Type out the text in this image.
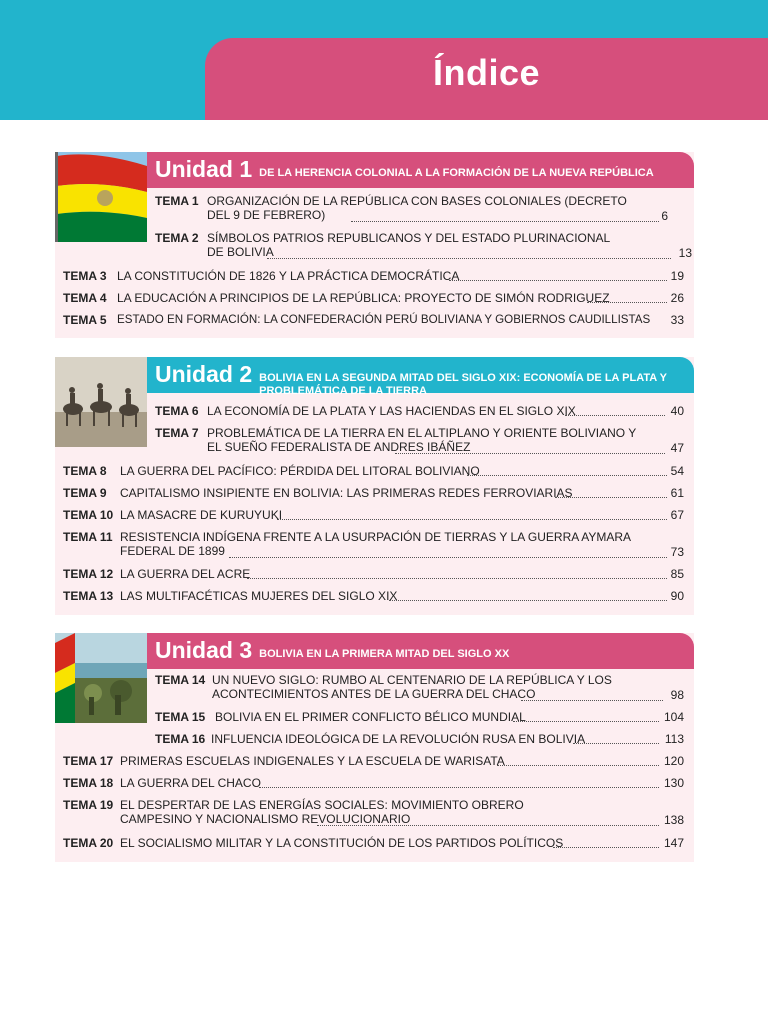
Índice
Unidad 1 DE LA HERENCIA COLONIAL A LA FORMACIÓN DE LA NUEVA REPÚBLICA
TEMA 1 ORGANIZACIÓN DE LA REPÚBLICA CON BASES COLONIALES (DECRETO DEL 9 DE FEBRERO)	6
TEMA 2 SÍMBOLOS PATRIOS REPUBLICANOS Y DEL ESTADO PLURINACIONAL DE BOLIVIA	13
TEMA 3 LA CONSTITUCIÓN DE 1826 Y LA PRÁCTICA DEMOCRÁTICA	19
TEMA 4 LA EDUCACIÓN A PRINCIPIOS DE LA REPÚBLICA: PROYECTO DE SIMÓN RODRIGUEZ	26
TEMA 5 ESTADO EN FORMACIÓN: LA CONFEDERACIÓN PERÚ BOLIVIANA Y GOBIERNOS CAUDILLISTAS 33
Unidad 2 BOLIVIA EN LA SEGUNDA MITAD DEL SIGLO XIX: ECONOMÍA DE LA PLATA Y PROBLEMÁTICA DE LA TIERRA
TEMA 6 LA ECONOMÍA DE LA PLATA Y LAS HACIENDAS EN EL SIGLO XIX	40
TEMA 7 PROBLEMÁTICA DE LA TIERRA EN EL ALTIPLANO Y ORIENTE BOLIVIANO Y EL SUEÑO FEDERALISTA DE ANDRES IBÁÑEZ	47
TEMA 8 LA GUERRA DEL PACÍFICO: PÉRDIDA DEL LITORAL BOLIVIANO	54
TEMA 9 CAPITALISMO INSIPIENTE EN BOLIVIA: LAS PRIMERAS REDES FERROVIARIAS	61
TEMA 10 LA MASACRE DE KURUYUKI	67
TEMA 11 RESISTENCIA INDÍGENA FRENTE A LA USURPACIÓN DE TIERRAS Y LA GUERRA AYMARA FEDERAL DE 1899	73
TEMA 12 LA GUERRA DEL ACRE	85
TEMA 13 LAS MULTIFACÉTICAS MUJERES DEL SIGLO XIX	90
Unidad 3 BOLIVIA EN LA PRIMERA MITAD DEL SIGLO XX
TEMA 14 UN NUEVO SIGLO: RUMBO AL CENTENARIO DE LA REPÚBLICA Y LOS ACONTECIMIENTOS ANTES DE LA GUERRA DEL CHACO	98
TEMA 15 BOLIVIA EN EL PRIMER CONFLICTO BÉLICO MUNDIAL	104
TEMA 16 INFLUENCIA IDEOLÓGICA DE LA REVOLUCIÓN RUSA EN BOLIVIA	113
TEMA 17 PRIMERAS ESCUELAS INDIGENALES Y LA ESCUELA DE WARISATA	120
TEMA 18 LA GUERRA DEL CHACO	130
TEMA 19 EL DESPERTAR DE LAS ENERGÍAS SOCIALES: MOVIMIENTO OBRERO CAMPESINO Y NACIONALISMO REVOLUCIONARIO	138
TEMA 20 EL SOCIALISMO MILITAR Y LA CONSTITUCIÓN DE LOS PARTIDOS POLÍTICOS	147
